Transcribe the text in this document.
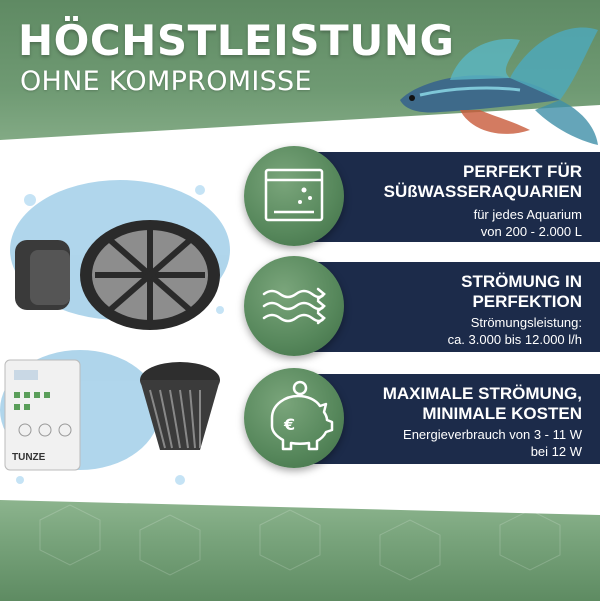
HÖCHSTLEISTUNG
OHNE KOMPROMISSE
TUNZE
PERFEKT FÜR
SÜßWASSERAQUARIEN
für jedes Aquarium
von 200 - 2.000 L
STRÖMUNG IN
PERFEKTION
Strömungsleistung:
ca. 3.000 bis 12.000 l/h
MAXIMALE STRÖMUNG,
MINIMALE KOSTEN
Energieverbrauch von 3 - 11 W
bei 12 W
€
